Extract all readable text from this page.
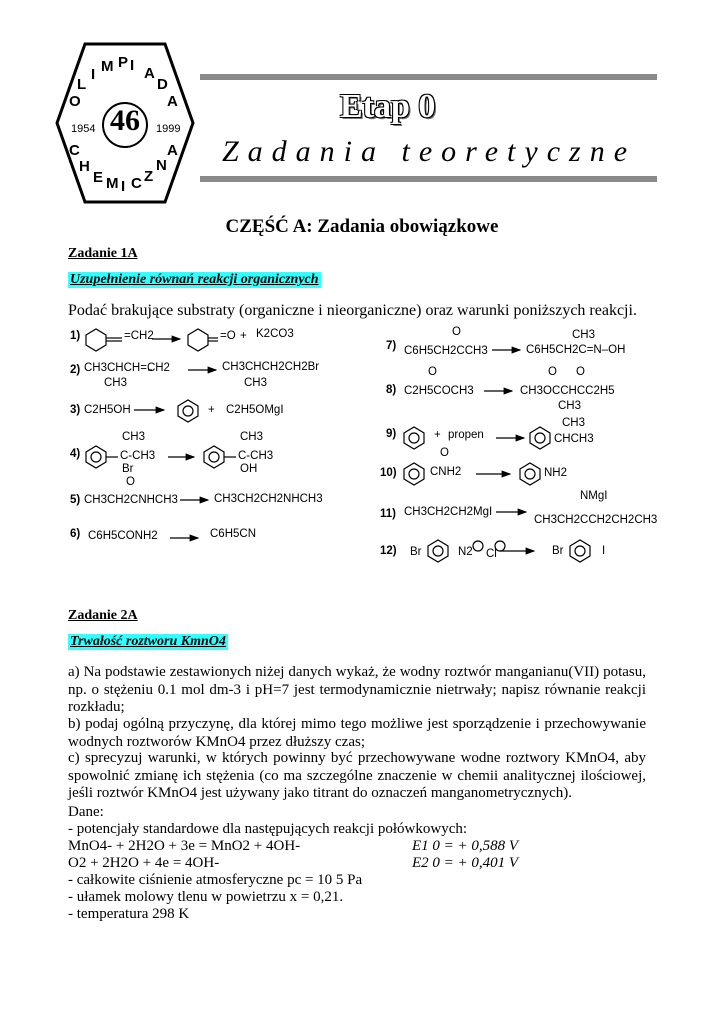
46
1954	1999
O
L
I M P I A
D
A
C
H
E M I C Z
N
A
Etap 0
Zadania teoretyczne
CZĘŚĆ A: Zadania obowiązkowe
Zadanie 1A
Uzupełnienie równań reakcji organicznych
Podać brakujące substraty (organiczne i nieorganiczne) oraz warunki poniższych reakcji.
1)	=CH2	=O + K2CO3
2) CH3CHCH=CH2
CH3
CH3CHCH2CH2Br
CH3
3) C2H5OH	+ C2H5OMgI
4)
CH3
C-CH3
Br
CH3
C-CH3
OH
5)
O
CH3CH2CNHCH3	CH3CH2CH2NHCH3
6) C6H5CONH2	C6H5CN
7)
O
C6H5CH2CCH3
CH3
C6H5CH2C=N–OH
8)
O
C2H5COCH3
O O
CH3OCCHCC2H5
CH3
9)	+ propen
CH3
CHCH3
10)
O
CNH2	NH2
11) CH3CH2CH2MgI
NMgI
CH3CH2CCH2CH2CH3
12) Br	N2 Cl	Br	I
Zadanie 2A
Trwałość roztworu KmnO4
a) Na podstawie zestawionych niżej danych wykaż, że wodny roztwór manganianu(VII) potasu, np. o stężeniu 0.1 mol dm-3 i pH=7 jest termodynamicznie nietrwały; napisz równanie reakcji rozkładu;
b) podaj ogólną przyczynę, dla której mimo tego możliwe jest sporządzenie i przechowywanie wodnych roztworów KMnO4 przez dłuższy czas;
c) sprecyzuj warunki, w których powinny być przechowywane wodne roztwory KMnO4, aby spowolnić zmianę ich stężenia (co ma szczególne znaczenie w chemii analitycznej ilościowej, jeśli roztwór KMnO4 jest używany jako titrant do oznaczeń manganometrycznych).
Dane:
- potencjały standardowe dla następujących reakcji połówkowych:
MnO4- + 2H2O + 3e = MnO2 + 4OH-	E1 0 = + 0,588 V
O2 + 2H2O + 4e = 4OH-	E2 0 = + 0,401 V
- całkowite ciśnienie atmosferyczne pc = 10 5 Pa
- ułamek molowy tlenu w powietrzu x = 0,21.
- temperatura 298 K
